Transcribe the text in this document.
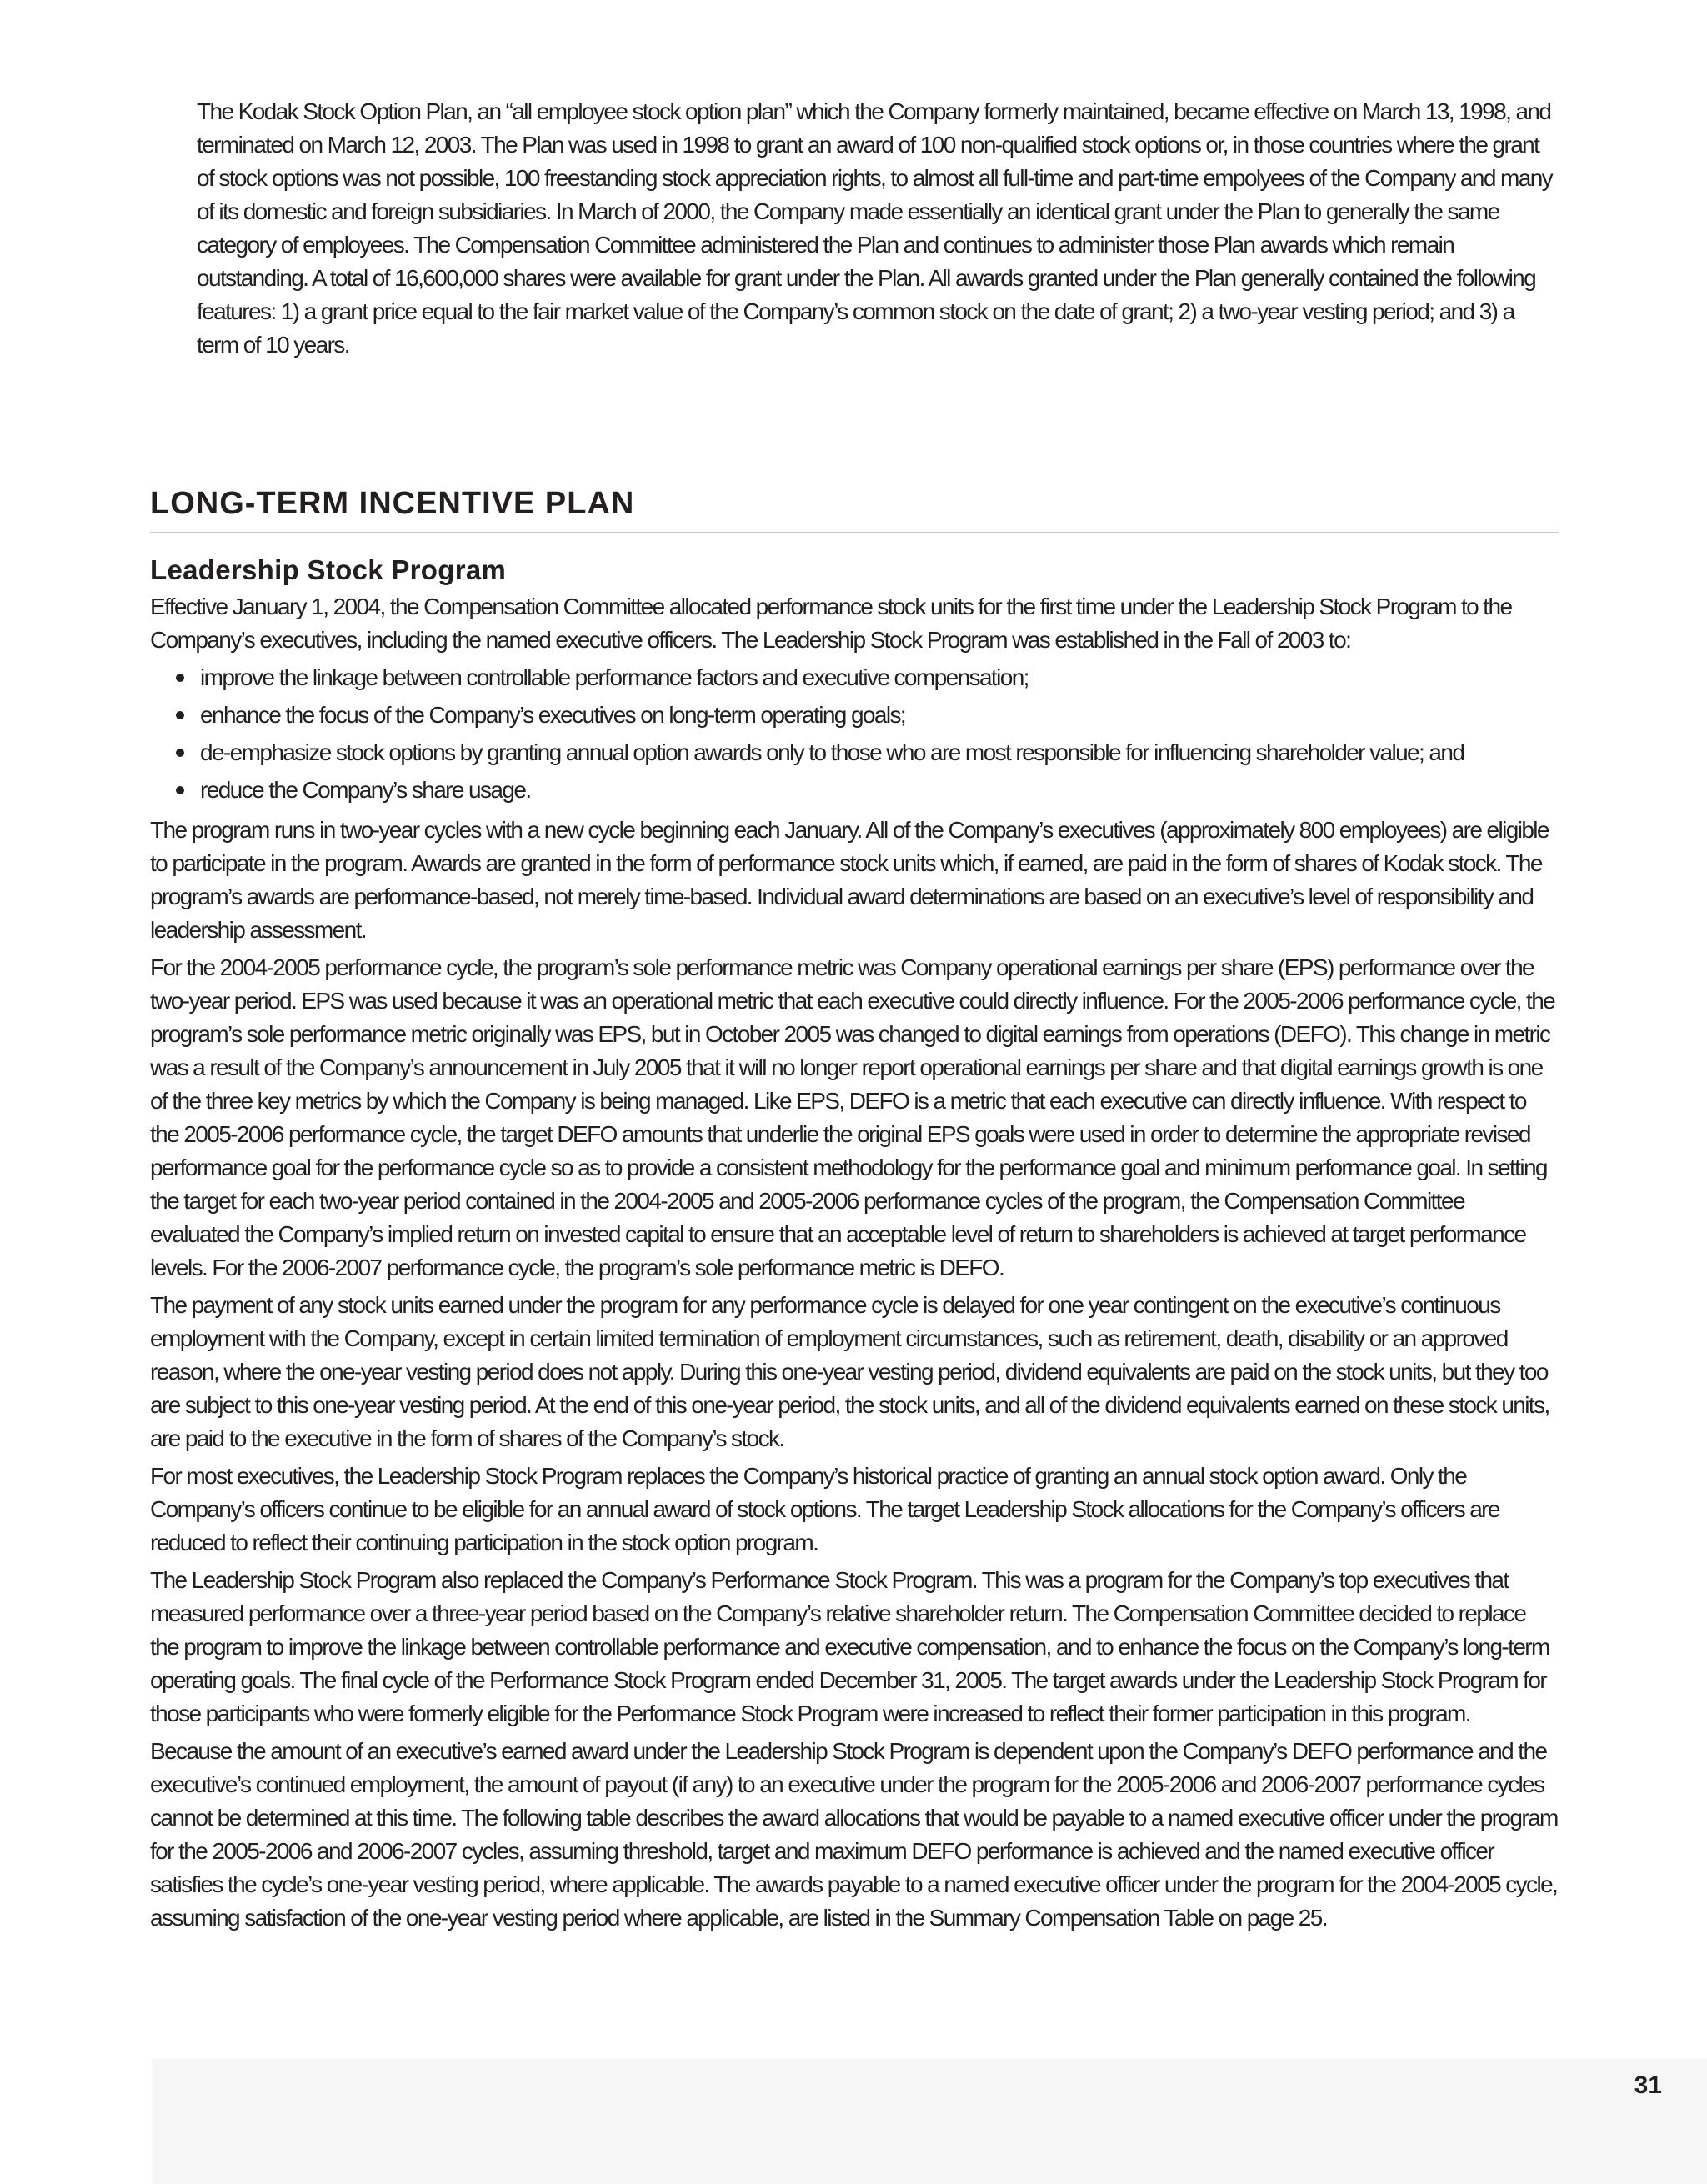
The Kodak Stock Option Plan, an “all employee stock option plan” which the Company formerly maintained, became effective on March 13, 1998, and terminated on March 12, 2003. The Plan was used in 1998 to grant an award of 100 non-qualified stock options or, in those countries where the grant of stock options was not possible, 100 freestanding stock appreciation rights, to almost all full-time and part-time empolyees of the Company and many of its domestic and foreign subsidiaries. In March of 2000, the Company made essentially an identical grant under the Plan to generally the same category of employees. The Compensation Committee administered the Plan and continues to administer those Plan awards which remain outstanding. A total of 16,600,000 shares were available for grant under the Plan. All awards granted under the Plan generally contained the following features: 1) a grant price equal to the fair market value of the Company’s common stock on the date of grant; 2) a two-year vesting period; and 3) a term of 10 years.

LONG-TERM INCENTIVE PLAN
Leadership Stock Program

Effective January 1, 2004, the Compensation Committee allocated performance stock units for the first time under the Leadership Stock Program to the Company’s executives, including the named executive officers. The Leadership Stock Program was established in the Fall of 2003 to:

improve the linkage between controllable performance factors and executive compensation;
enhance the focus of the Company’s executives on long-term operating goals;
de-emphasize stock options by granting annual option awards only to those who are most responsible for influencing shareholder value; and
reduce the Company’s share usage.

The program runs in two-year cycles with a new cycle beginning each January. All of the Company’s executives (approximately 800 employees) are eligible to participate in the program. Awards are granted in the form of performance stock units which, if earned, are paid in the form of shares of Kodak stock. The program’s awards are performance-based, not merely time-based. Individual award determinations are based on an executive’s level of responsibility and leadership assessment.

For the 2004-2005 performance cycle, the program’s sole performance metric was Company operational earnings per share (EPS) performance over the two-year period. EPS was used because it was an operational metric that each executive could directly influence. For the 2005-2006 performance cycle, the program’s sole performance metric originally was EPS, but in October 2005 was changed to digital earnings from operations (DEFO). This change in metric was a result of the Company’s announcement in July 2005 that it will no longer report operational earnings per share and that digital earnings growth is one of the three key metrics by which the Company is being managed. Like EPS, DEFO is a metric that each executive can directly influence. With respect to the 2005-2006 performance cycle, the target DEFO amounts that underlie the original EPS goals were used in order to determine the appropriate revised performance goal for the performance cycle so as to provide a consistent methodology for the performance goal and minimum performance goal. In setting the target for each two-year period contained in the 2004-2005 and 2005-2006 performance cycles of the program, the Compensation Committee evaluated the Company’s implied return on invested capital to ensure that an acceptable level of return to shareholders is achieved at target performance levels. For the 2006-2007 performance cycle, the program’s sole performance metric is DEFO.

The payment of any stock units earned under the program for any performance cycle is delayed for one year contingent on the executive’s continuous employment with the Company, except in certain limited termination of employment circumstances, such as retirement, death, disability or an approved reason, where the one-year vesting period does not apply. During this one-year vesting period, dividend equivalents are paid on the stock units, but they too are subject to this one-year vesting period. At the end of this one-year period, the stock units, and all of the dividend equivalents earned on these stock units, are paid to the executive in the form of shares of the Company’s stock.

For most executives, the Leadership Stock Program replaces the Company’s historical practice of granting an annual stock option award. Only the Company’s officers continue to be eligible for an annual award of stock options. The target Leadership Stock allocations for the Company’s officers are reduced to reflect their continuing participation in the stock option program.

The Leadership Stock Program also replaced the Company’s Performance Stock Program. This was a program for the Company’s top executives that measured performance over a three-year period based on the Company’s relative shareholder return. The Compensation Committee decided to replace the program to improve the linkage between controllable performance and executive compensation, and to enhance the focus on the Company’s long-term operating goals. The final cycle of the Performance Stock Program ended December 31, 2005. The target awards under the Leadership Stock Program for those participants who were formerly eligible for the Performance Stock Program were increased to reflect their former participation in this program.

Because the amount of an executive’s earned award under the Leadership Stock Program is dependent upon the Company’s DEFO performance and the executive’s continued employment, the amount of payout (if any) to an executive under the program for the 2005-2006 and 2006-2007 performance cycles cannot be determined at this time. The following table describes the award allocations that would be payable to a named executive officer under the program for the 2005-2006 and 2006-2007 cycles, assuming threshold, target and maximum DEFO performance is achieved and the named executive officer satisfies the cycle’s one-year vesting period, where applicable. The awards payable to a named executive officer under the program for the 2004-2005 cycle, assuming satisfaction of the one-year vesting period where applicable, are listed in the Summary Compensation Table on page 25.

31
